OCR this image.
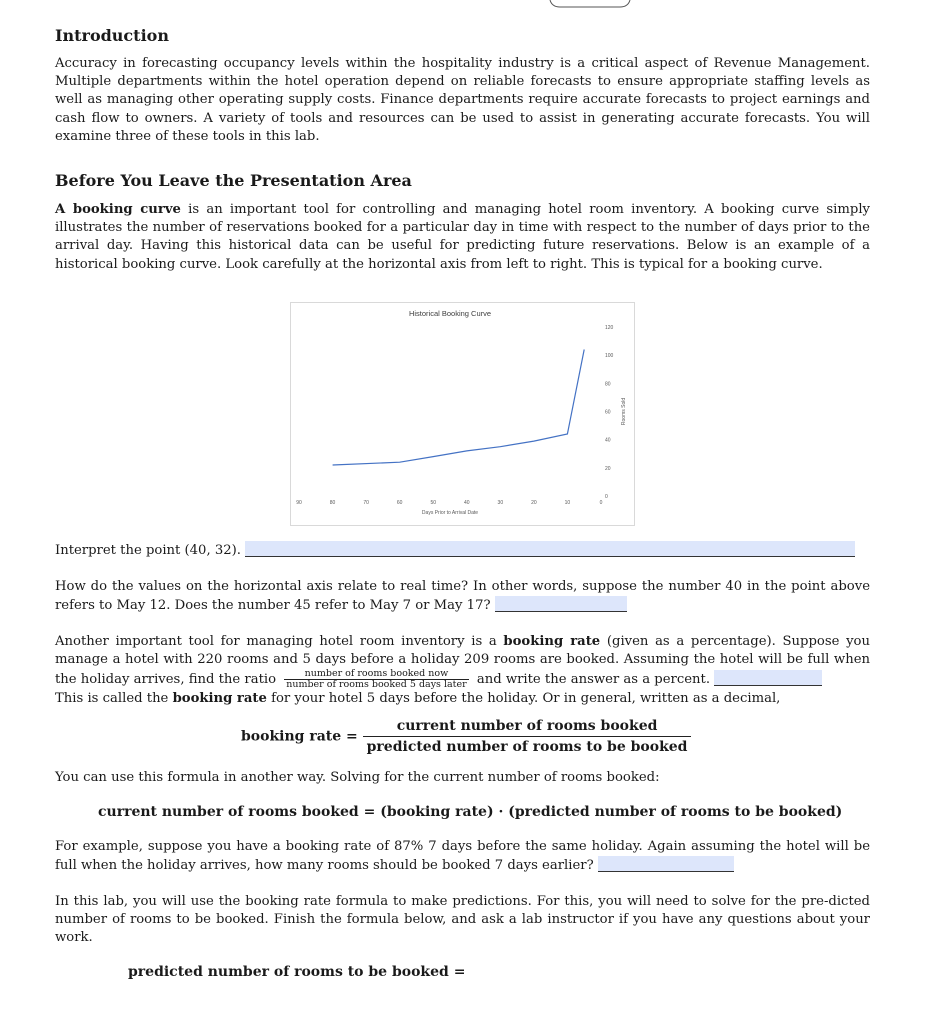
Introduction

Accuracy in forecasting occupancy levels within the hospitality industry is a critical aspect of Revenue Management. Multiple departments within the hotel operation depend on reliable forecasts to ensure appropriate staffing levels as well as managing other operating supply costs. Finance departments require accurate forecasts to project earnings and cash flow to owners. A variety of tools and resources can be used to assist in generating accurate forecasts. You will examine three of these tools in this lab.

Before You Leave the Presentation Area

A booking curve is an important tool for controlling and managing hotel room inventory. A booking curve simply illustrates the number of reservations booked for a particular day in time with respect to the number of days prior to the arrival day. Having this historical data can be useful for predicting future reservations. Below is an example of a historical booking curve. Look carefully at the horizontal axis from left to right. This is typical for a booking curve.

Interpret the point (40, 32).

How do the values on the horizontal axis relate to real time? In other words, suppose the number 40 in the point above refers to May 12. Does the number 45 refer to May 7 or May 17?

Another important tool for managing hotel room inventory is a booking rate (given as a percentage). Suppose you manage a hotel with 220 rooms and 5 days before a holiday 209 rooms are booked. Assuming the hotel will be full when the holiday arrives, find the ratio $\frac{\text{number of rooms booked now}}{\text{number of rooms booked 5 days later}}$ and write the answer as a percent.
This is called the booking rate for your hotel 5 days before the holiday. Or in general, written as a decimal,

booking rate = $\frac{\text{current number of rooms booked}}{\text{predicted number of rooms to be booked}}$

You can use this formula in another way. Solving for the current number of rooms booked:

current number of rooms booked = (booking rate) · (predicted number of rooms to be booked)

For example, suppose you have a booking rate of 87% 7 days before the same holiday. Again assuming the hotel will be full when the holiday arrives, how many rooms should be booked 7 days earlier?

In this lab, you will use the booking rate formula to make predictions. For this, you will need to solve for the pre-dicted number of rooms to be booked. Finish the formula below, and ask a lab instructor if you have any questions about your work.

predicted number of rooms to be booked =
Historical Booking Curve
90	80	70	60	50	40	30	20	10	0
0
20
40
60
80
100
120
Days Prior to Arrival Date
Rooms Sold
